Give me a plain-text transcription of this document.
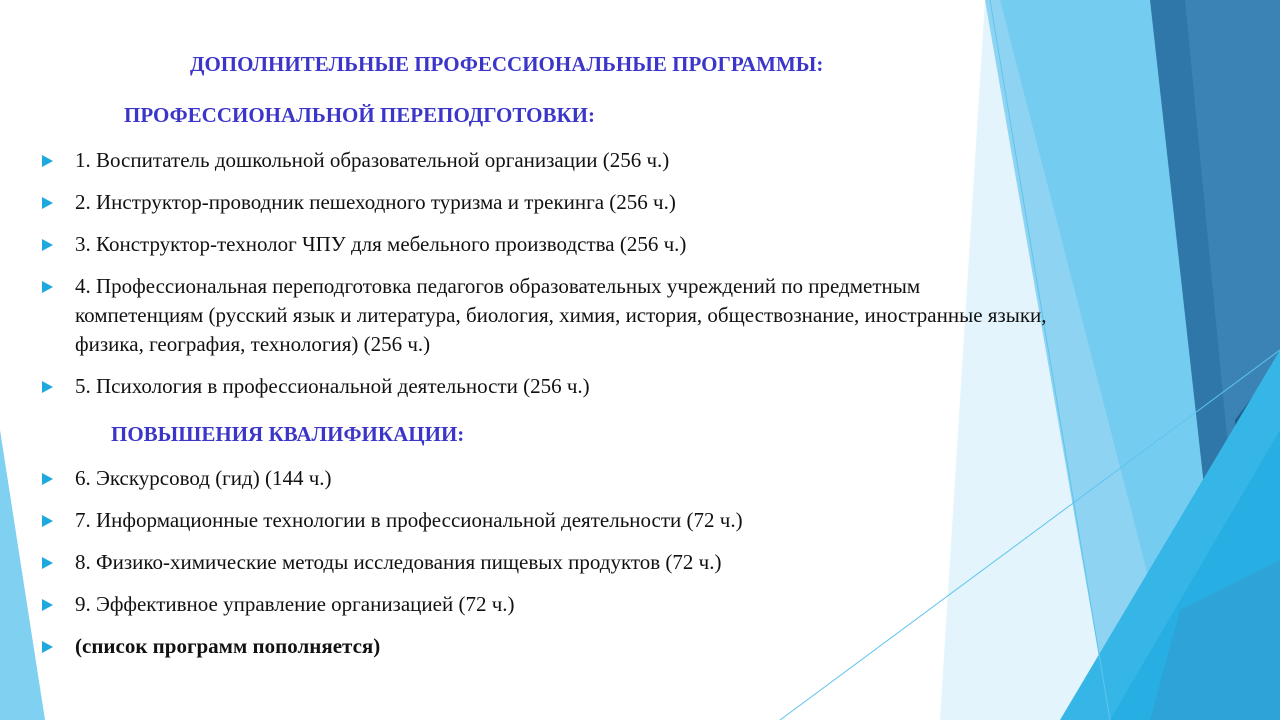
ДОПОЛНИТЕЛЬНЫЕ ПРОФЕССИОНАЛЬНЫЕ ПРОГРАММЫ:
ПРОФЕССИОНАЛЬНОЙ ПЕРЕПОДГОТОВКИ:
1. Воспитатель дошкольной образовательной организации (256 ч.)
2. Инструктор-проводник пешеходного туризма и трекинга (256 ч.)
3. Конструктор-технолог ЧПУ для мебельного производства (256 ч.)
4. Профессиональная переподготовка педагогов образовательных учреждений по предметным компетенциям (русский язык и литература, биология, химия, история, обществознание, иностранные языки, физика, география, технология) (256 ч.)
5. Психология в профессиональной деятельности (256 ч.)
ПОВЫШЕНИЯ КВАЛИФИКАЦИИ:
6. Экскурсовод (гид) (144 ч.)
7. Информационные технологии в профессиональной деятельности (72 ч.)
8. Физико-химические методы исследования пищевых продуктов (72 ч.)
9. Эффективное управление организацией (72 ч.)
(список программ пополняется)
